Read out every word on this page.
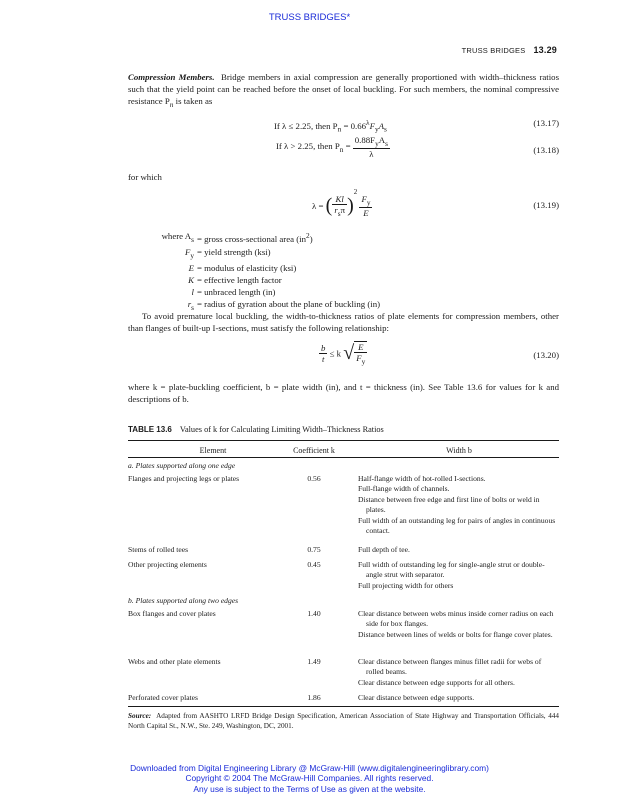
TRUSS BRIDGES*
TRUSS BRIDGES 13.29
Compression Members. Bridge members in axial compression are generally proportioned with width–thickness ratios such that the yield point can be reached before the onset of local buckling. For such members, the nominal compressive resistance $P_n$ is taken as
If λ ≤ 2.25, then $P_n = 0.66^\lambda F_yA_s$
(13.17)
If λ > 2.25, then $P_n = \frac{0.88F_yA_s}{\lambda}$	(13.18)
for which
λ = ( $\frac{Kl}{r_s\pi} )^2$
$\frac{F_y}{E}$	(13.19)
where $A_s$ = gross cross-sectional area $(in^2)$
$F_y$ = yield strength (ksi)
E = modulus of elasticity (ksi)
K = effective length factor
l = unbraced length (in)
$r_s$ = radius of gyration about the plane of buckling (in)
To avoid premature local buckling, the width-to-thickness ratios of plate elements for compression members, other than flanges of built-up I-sections, must satisfy the following relationship:
$\frac{b}{t} \le k$ √ $\frac{E}{F_y}$	(13.20)
where k = plate-buckling coefficient, b = plate width (in), and t = thickness (in). See Table 13.6 for values for k and descriptions of b.
TABLE 13.6 Values of k for Calculating Limiting Width–Thickness Ratios
Element	Coefficient k	Width b
a. Plates supported along one edge
Flanges and projecting legs or plates	0.56	Half-flange width of hot-rolled I-sections.
Full-flange width of channels.
Distance between free edge and first line of bolts or weld in plates.
Full width of an outstanding leg for pairs of angles in continuous contact.
Stems of rolled tees	0.75	Full depth of tee.
Other projecting elements	0.45	Full width of outstanding leg for single-angle strut or double-angle strut with separator.
Full projecting width for others
b. Plates supported along two edges
Box flanges and cover plates	1.40	Clear distance between webs minus inside corner radius on each side for box flanges.
Distance between lines of welds or bolts for flange cover plates.
Webs and other plate elements	1.49	Clear distance between flanges minus fillet radii for webs of rolled beams.
Clear distance between edge supports for all others.
Perforated cover plates	1.86	Clear distance between edge supports.
Source: Adapted from AASHTO LRFD Bridge Design Specification, American Association of State Highway and Transportation Officials, 444 North Capital St., N.W., Ste. 249, Washington, DC, 2001.
Downloaded from Digital Engineering Library @ McGraw-Hill (www.digitalengineeringlibrary.com)
Copyright © 2004 The McGraw-Hill Companies. All rights reserved.
Any use is subject to the Terms of Use as given at the website.
